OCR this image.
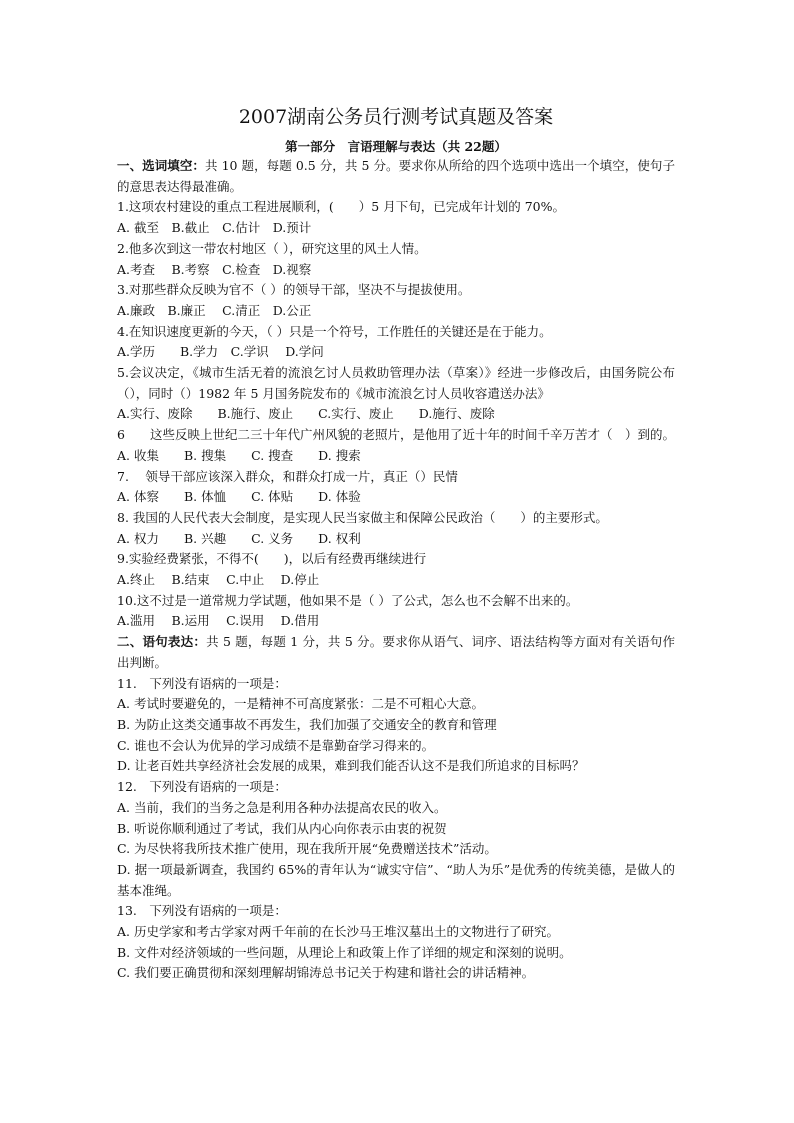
2007湖南公务员行测考试真题及答案
第一部分　言语理解与表达（共 22题）
一、选词填空：共 10 题，每题 0.5 分，共 5 分。要求你从所给的四个选项中选出一个填空，使句子的意思表达得最准确。
1.这项农村建设的重点工程进展顺利，(　　）5 月下旬，已完成年计划的 70%。
A. 截至　B.截止　C.估计　D.预计
2.他多次到这一带农村地区（ ），研究这里的风土人情。
A.考查　 B.考察　C.检查　D.视察
3.对那些群众反映为官不（ ）的领导干部，坚决不与提拔使用。
A.廉政　B.廉正　 C.清正　D.公正
4.在知识速度更新的今天，（ ）只是一个符号，工作胜任的关键还是在于能力。
A.学历　　B.学力　C.学识　 D.学问
5.会议决定，《城市生活无着的流浪乞讨人员救助管理办法（草案）》经进一步修改后，由国务院公布（），同时（）1982 年 5 月国务院发布的《城市流浪乞讨人员收容遣送办法》
A.实行、废除　　B.施行、废止　　C.实行、废止　　D.施行、废除
6　　这些反映上世纪二三十年代广州风貌的老照片，是他用了近十年的时间千辛万苦才（　）到的。
A. 收集　　B. 搜集　　C. 搜查　　D. 搜索
7.　 领导干部应该深入群众，和群众打成一片，真正（）民情
A. 体察　　B. 体恤　　C. 体贴　　D. 体验
8. 我国的人民代表大会制度，是实现人民当家做主和保障公民政治（　　）的主要形式。
A. 权力　　B. 兴趣　　C. 义务　　D. 权利
9.实验经费紧张，不得不(　　)，以后有经费再继续进行
A.终止　 B.结束　 C.中止　 D.停止
10.这不过是一道常规力学试题，他如果不是（ ）了公式，怎么也不会解不出来的。
A.滥用　 B.运用　 C.误用　 D.借用
二、语句表达：共 5 题，每题 1 分，共 5 分。要求你从语气、词序、语法结构等方面对有关语句作出判断。
11.　下列没有语病的一项是：
A. 考试时要避免的，一是精神不可高度紧张：二是不可粗心大意。
B. 为防止这类交通事故不再发生，我们加强了交通安全的教育和管理
C. 谁也不会认为优异的学习成绩不是靠勤奋学习得来的。
D. 让老百姓共享经济社会发展的成果，难到我们能否认这不是我们所追求的目标吗？
12.　下列没有语病的一项是：
A. 当前，我们的当务之急是利用各种办法提高农民的收入。
B. 听说你顺利通过了考试，我们从内心向你表示由衷的祝贺
C. 为尽快将我所技术推广使用，现在我所开展“免费赠送技术”活动。
D. 据一项最新调查，我国约 65%的青年认为“诚实守信”、“助人为乐”是优秀的传统美德，是做人的基本准绳。
13.　下列没有语病的一项是：
A. 历史学家和考古学家对两千年前的在长沙马王堆汉墓出土的文物进行了研究。
B. 文件对经济领域的一些问题，从理论上和政策上作了详细的规定和深刻的说明。
C. 我们要正确贯彻和深刻理解胡锦涛总书记关于构建和谐社会的讲话精神。
